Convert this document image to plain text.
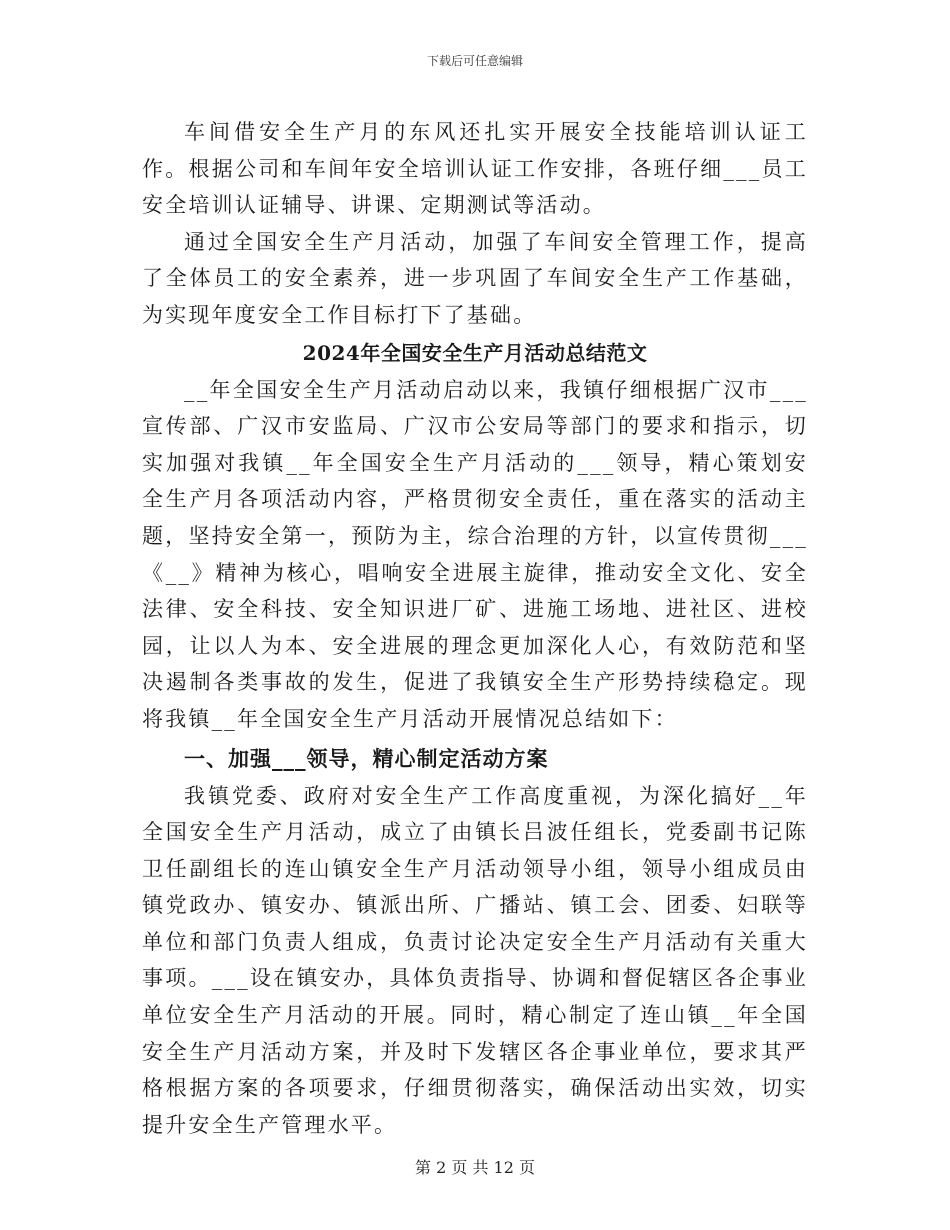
下载后可任意编辑

车间借安全生产月的东风还扎实开展安全技能培训认证工作。根据公司和车间年安全培训认证工作安排，各班仔细___员工安全培训认证辅导、讲课、定期测试等活动。

通过全国安全生产月活动，加强了车间安全管理工作，提高了全体员工的安全素养，进一步巩固了车间安全生产工作基础，为实现年度安全工作目标打下了基础。

2024年全国安全生产月活动总结范文

__年全国安全生产月活动启动以来，我镇仔细根据广汉市___宣传部、广汉市安监局、广汉市公安局等部门的要求和指示，切实加强对我镇__年全国安全生产月活动的___领导，精心策划安全生产月各项活动内容，严格贯彻安全责任，重在落实的活动主题，坚持安全第一，预防为主，综合治理的方针，以宣传贯彻___《__》精神为核心，唱响安全进展主旋律，推动安全文化、安全法律、安全科技、安全知识进厂矿、进施工场地、进社区、进校园，让以人为本、安全进展的理念更加深化人心，有效防范和坚决遏制各类事故的发生，促进了我镇安全生产形势持续稳定。现将我镇__年全国安全生产月活动开展情况总结如下：

一、加强___领导，精心制定活动方案

我镇党委、政府对安全生产工作高度重视，为深化搞好__年全国安全生产月活动，成立了由镇长吕波任组长，党委副书记陈卫任副组长的连山镇安全生产月活动领导小组，领导小组成员由镇党政办、镇安办、镇派出所、广播站、镇工会、团委、妇联等单位和部门负责人组成，负责讨论决定安全生产月活动有关重大事项。___设在镇安办，具体负责指导、协调和督促辖区各企事业单位安全生产月活动的开展。同时，精心制定了连山镇__年全国安全生产月活动方案，并及时下发辖区各企事业单位，要求其严格根据方案的各项要求，仔细贯彻落实，确保活动出实效，切实提升安全生产管理水平。

第 2 页 共 12 页
